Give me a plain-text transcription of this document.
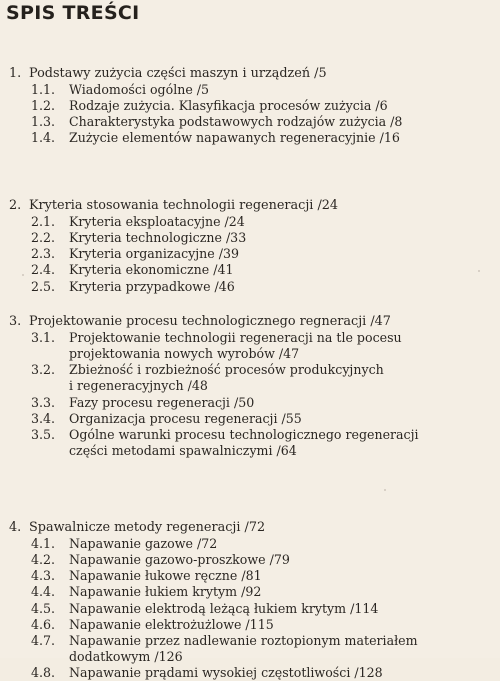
SPIS TREŚCI
1. Podstawy zużycia części maszyn i urządzeń /5
1.1. Wiadomości ogólne /5
1.2. Rodzaje zużycia. Klasyfikacja procesów zużycia /6
1.3. Charakterystyka podstawowych rodzajów zużycia /8
1.4. Zużycie elementów napawanych regeneracyjnie /16
2. Kryteria stosowania technologii regeneracji /24
2.1. Kryteria eksploatacyjne /24
2.2. Kryteria technologiczne /33
2.3. Kryteria organizacyjne /39
2.4. Kryteria ekonomiczne /41
2.5. Kryteria przypadkowe /46
3. Projektowanie procesu technologicznego regneracji /47
3.1. Projektowanie technologii regeneracji na tle pocesu
projektowania nowych wyrobów /47
3.2. Zbieżność i rozbieżność procesów produkcyjnych
i regeneracyjnych /48
3.3. Fazy procesu regeneracji /50
3.4. Organizacja procesu regeneracji /55
3.5. Ogólne warunki procesu technologicznego regeneracji
części metodami spawalniczymi /64
4. Spawalnicze metody regeneracji /72
4.1. Napawanie gazowe /72
4.2. Napawanie gazowo-proszkowe /79
4.3. Napawanie łukowe ręczne /81
4.4. Napawanie łukiem krytym /92
4.5. Napawanie elektrodą leżącą łukiem krytym /114
4.6. Napawanie elektrożużlowe /115
4.7. Napawanie przez nadlewanie roztopionym materiałem
dodatkowym /126
4.8. Napawanie prądami wysokiej częstotliwości /128
